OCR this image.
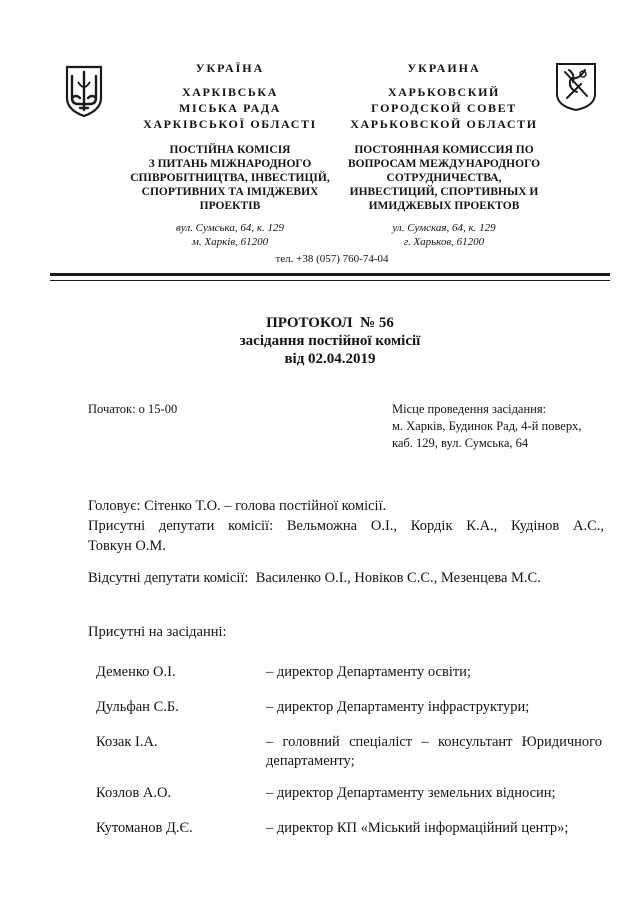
УКРАЇНА
ХАРКІВСЬКА
МІСЬКА РАДА
ХАРКІВСЬКОЇ ОБЛАСТІ
ПОСТІЙНА КОМІСІЯ
З ПИТАНЬ МІЖНАРОДНОГО
СПІВРОБІТНИЦТВА, ІНВЕСТИЦІЙ,
СПОРТИВНИХ ТА ІМІДЖЕВИХ
ПРОЕКТІВ
вул. Сумська, 64, к. 129
м. Харків, 61200
УКРАИНА
ХАРЬКОВСКИЙ
ГОРОДСКОЙ СОВЕТ
ХАРЬКОВСКОЙ ОБЛАСТИ
ПОСТОЯННАЯ КОМИССИЯ ПО
ВОПРОСАМ МЕЖДУНАРОДНОГО
СОТРУДНИЧЕСТВА,
ИНВЕСТИЦИЙ, СПОРТИВНЫХ И
ИМИДЖЕВЫХ ПРОЕКТОВ
ул. Сумская, 64, к. 129
г. Харьков, 61200
тел. +38 (057) 760-74-04
ПРОТОКОЛ  № 56
засідання постійної комісії
від 02.04.2019
Початок: о 15-00	Місце проведення засідання:
м. Харків, Будинок Рад, 4-й поверх,
каб. 129, вул. Сумська, 64
Головує: Сітенко Т.О. – голова постійної комісії.
Присутні депутати комісії: Вельможна О.І., Кордік К.А., Кудінов А.С.,
Товкун О.М.
Відсутні депутати комісії:  Василенко О.І., Новіков С.С., Мезенцева М.С.
Присутні на засіданні:
Деменко О.І.	– директор Департаменту освіти;
Дульфан С.Б.	– директор Департаменту інфраструктури;
Козак І.А.	– головний спеціаліст – консультант Юридичного
департаменту;
Козлов А.О.	– директор Департаменту земельних відносин;
Кутоманов Д.Є.	– директор КП «Міський інформаційний центр»;
